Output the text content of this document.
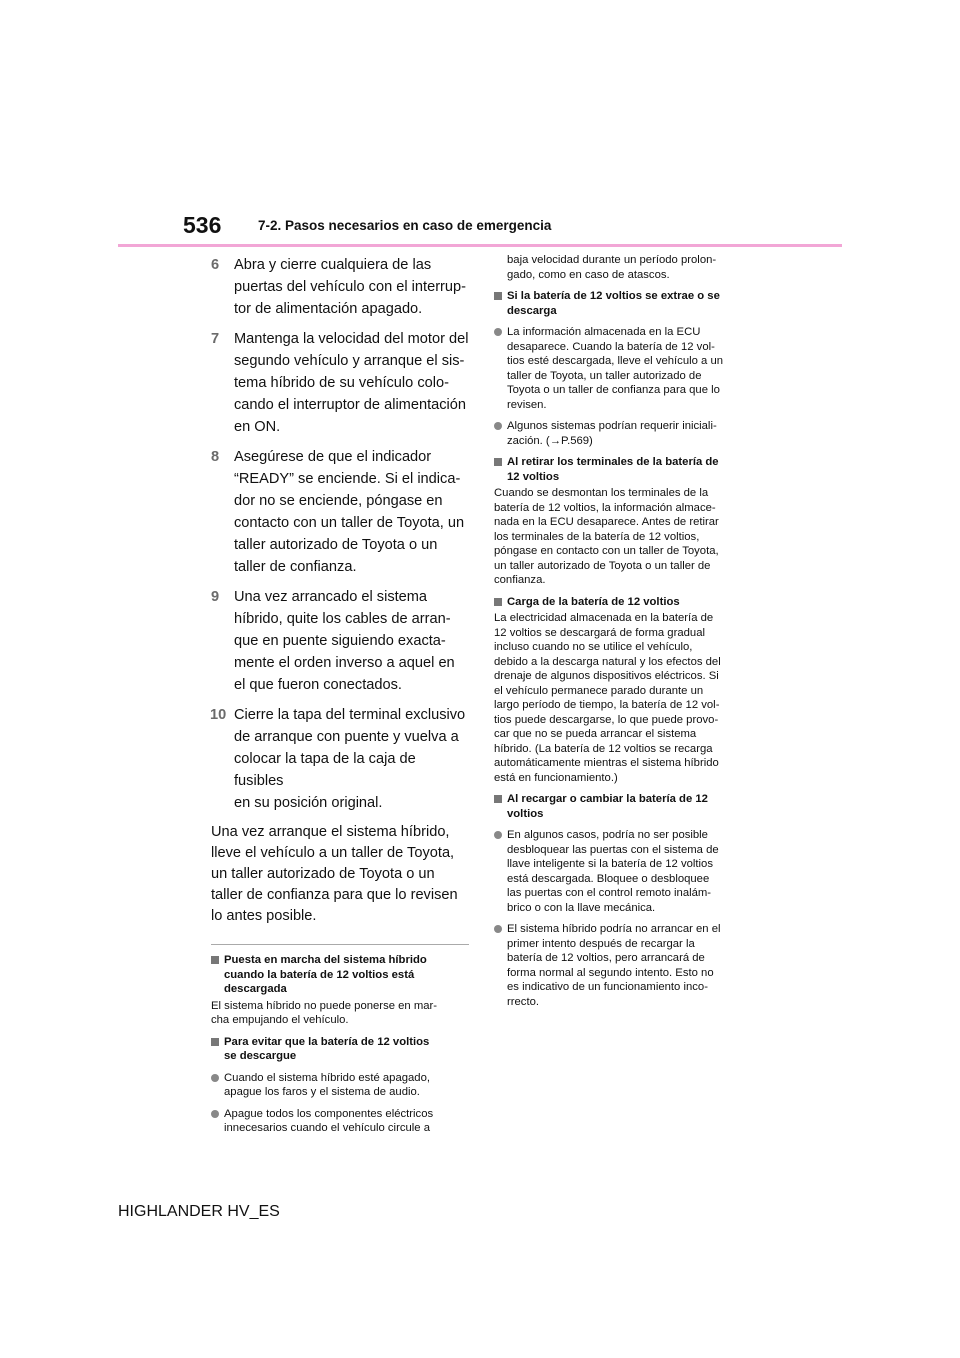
536	7-2. Pasos necesarios en caso de emergencia
6 Abra y cierre cualquiera de las
puertas del vehículo con el interrup-
tor de alimentación apagado.
7 Mantenga la velocidad del motor del
segundo vehículo y arranque el sis-
tema híbrido de su vehículo colo-
cando el interruptor de alimentación
en ON.
8 Asegúrese de que el indicador
“READY” se enciende. Si el indica-
dor no se enciende, póngase en
contacto con un taller de Toyota, un
taller autorizado de Toyota o un
taller de confianza.
9 Una vez arrancado el sistema
híbrido, quite los cables de arran-
que en puente siguiendo exacta-
mente el orden inverso a aquel en
el que fueron conectados.
10 Cierre la tapa del terminal exclusivo
de arranque con puente y vuelva a
colocar la tapa de la caja de fusibles
en su posición original.
Una vez arranque el sistema híbrido,
lleve el vehículo a un taller de Toyota,
un taller autorizado de Toyota o un
taller de confianza para que lo revisen
lo antes posible.
Puesta en marcha del sistema híbrido
cuando la batería de 12 voltios está
descargada
El sistema híbrido no puede ponerse en mar-
cha empujando el vehículo.
Para evitar que la batería de 12 voltios
se descargue
Cuando el sistema híbrido esté apagado,
apague los faros y el sistema de audio.
Apague todos los componentes eléctricos
innecesarios cuando el vehículo circule a
baja velocidad durante un período prolon-
gado, como en caso de atascos.
Si la batería de 12 voltios se extrae o se
descarga
La información almacenada en la ECU
desaparece. Cuando la batería de 12 vol-
tios esté descargada, lleve el vehículo a un
taller de Toyota, un taller autorizado de
Toyota o un taller de confianza para que lo
revisen.
Algunos sistemas podrían requerir iniciali-
zación. (→P.569)
Al retirar los terminales de la batería de
12 voltios
Cuando se desmontan los terminales de la
batería de 12 voltios, la información almace-
nada en la ECU desaparece. Antes de retirar
los terminales de la batería de 12 voltios,
póngase en contacto con un taller de Toyota,
un taller autorizado de Toyota o un taller de
confianza.
Carga de la batería de 12 voltios
La electricidad almacenada en la batería de
12 voltios se descargará de forma gradual
incluso cuando no se utilice el vehículo,
debido a la descarga natural y los efectos del
drenaje de algunos dispositivos eléctricos. Si
el vehículo permanece parado durante un
largo período de tiempo, la batería de 12 vol-
tios puede descargarse, lo que puede provo-
car que no se pueda arrancar el sistema
híbrido. (La batería de 12 voltios se recarga
automáticamente mientras el sistema híbrido
está en funcionamiento.)
Al recargar o cambiar la batería de 12
voltios
En algunos casos, podría no ser posible
desbloquear las puertas con el sistema de
llave inteligente si la batería de 12 voltios
está descargada. Bloquee o desbloquee
las puertas con el control remoto inalám-
brico o con la llave mecánica.
El sistema híbrido podría no arrancar en el
primer intento después de recargar la
batería de 12 voltios, pero arrancará de
forma normal al segundo intento. Esto no
es indicativo de un funcionamiento inco-
rrecto.
HIGHLANDER HV_ES
